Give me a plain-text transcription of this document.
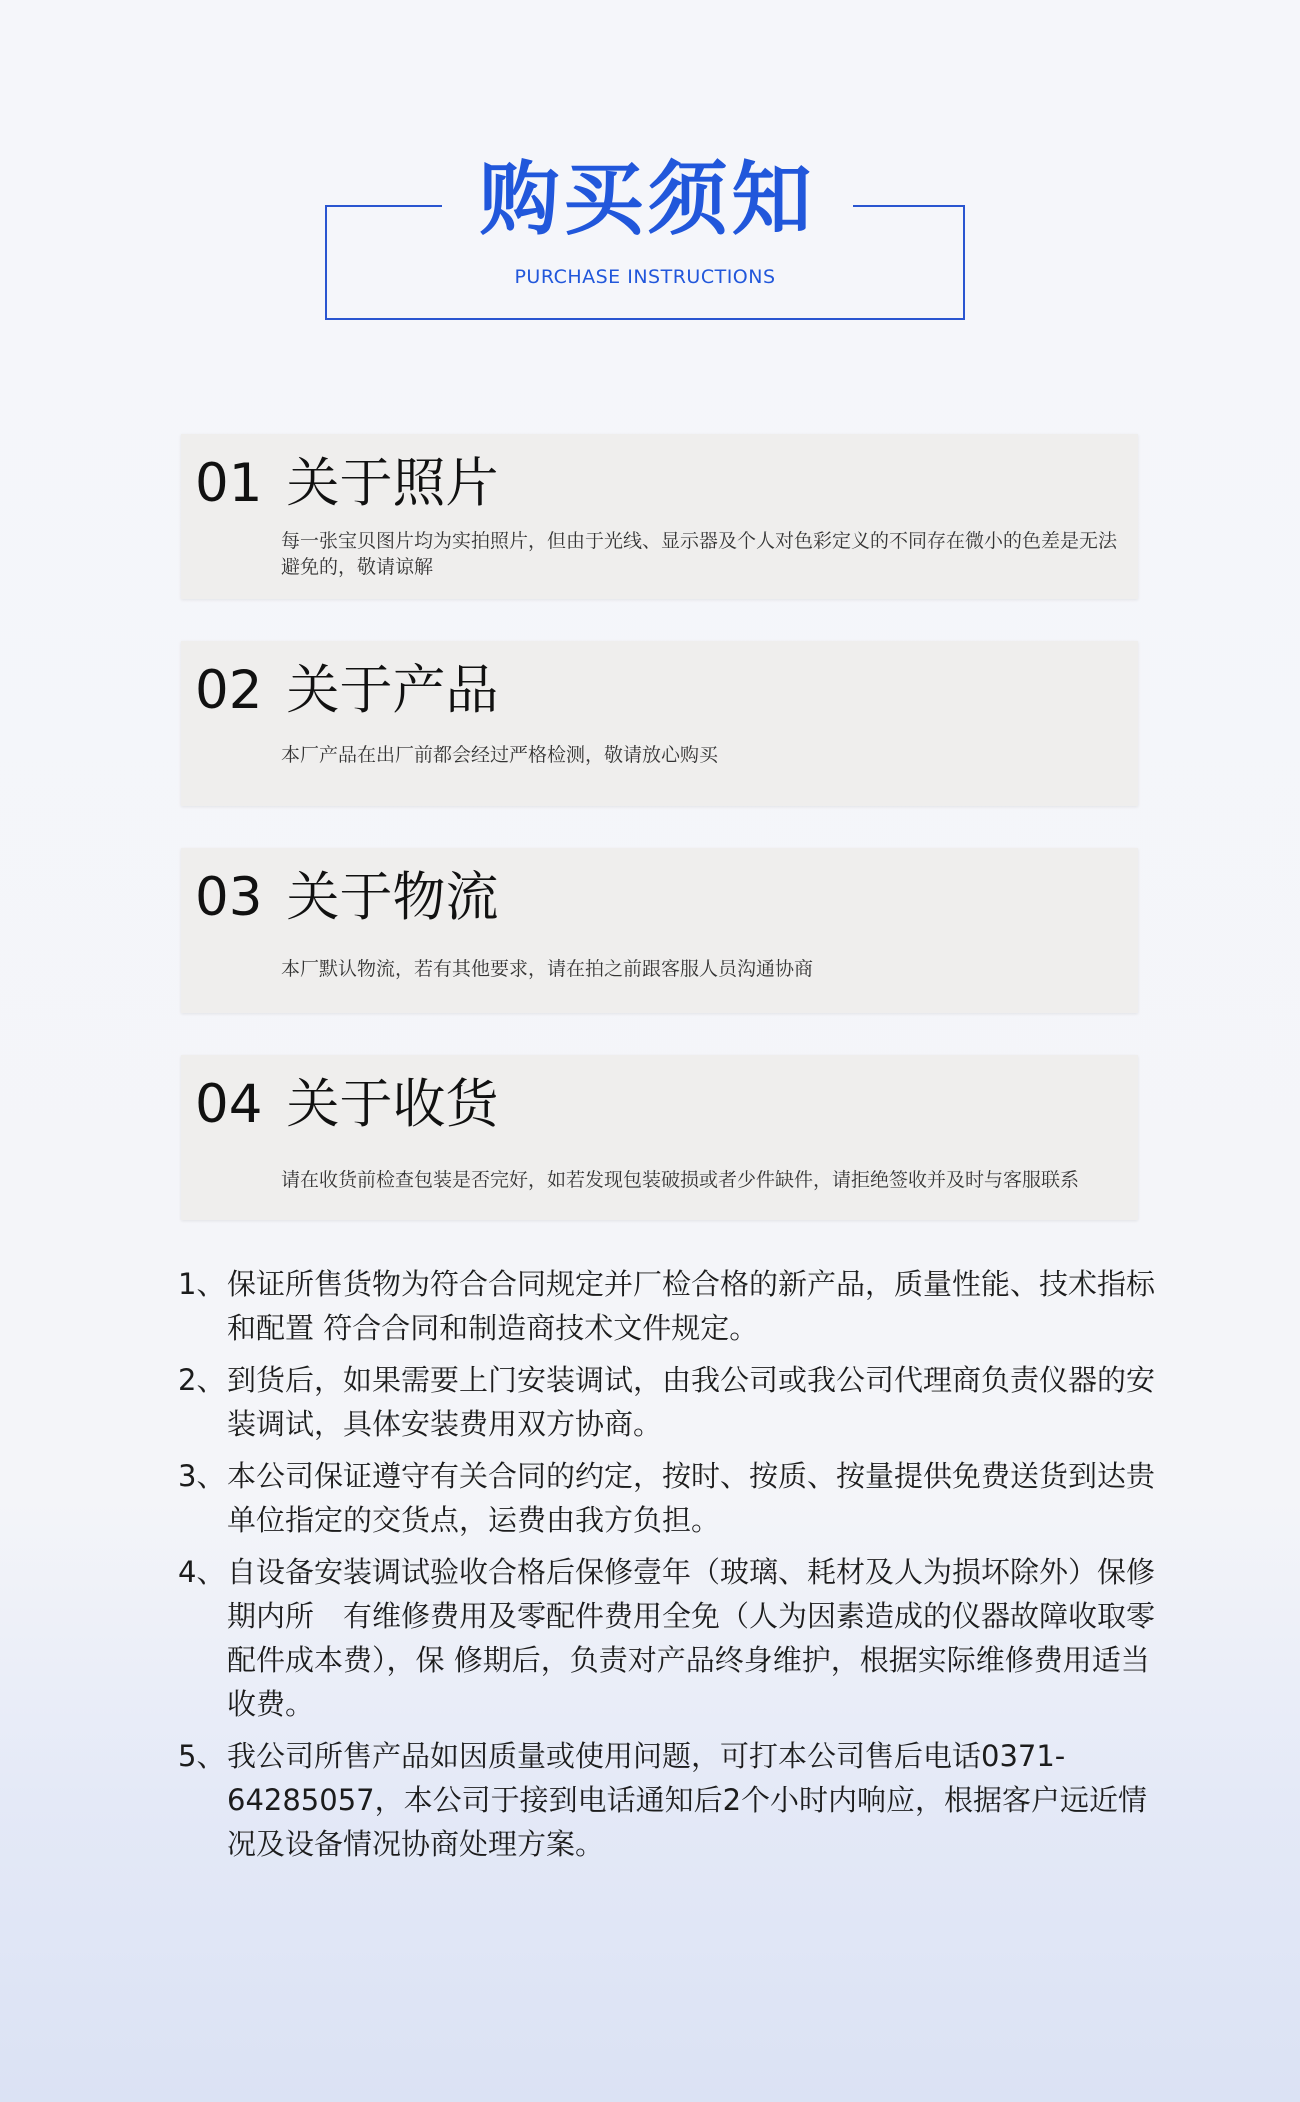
购买须知
PURCHASE INSTRUCTIONS
01 关于照片
每一张宝贝图片均为实拍照片，但由于光线、显示器及个人对色彩定义的不同存在微小的色差是无法避免的，敬请谅解
02 关于产品
本厂产品在出厂前都会经过严格检测，敬请放心购买
03 关于物流
本厂默认物流，若有其他要求，请在拍之前跟客服人员沟通协商
04 关于收货
请在收货前检查包装是否完好，如若发现包装破损或者少件缺件，请拒绝签收并及时与客服联系
1、 保证所售货物为符合合同规定并厂检合格的新产品，质量性能、技术指标和配置 符合合同和制造商技术文件规定。
2、 到货后，如果需要上门安装调试，由我公司或我公司代理商负责仪器的安装调试，具体安装费用双方协商。
3、 本公司保证遵守有关合同的约定，按时、按质、按量提供免费送货到达贵单位指定的交货点，运费由我方负担。
4、 自设备安装调试验收合格后保修壹年（玻璃、耗材及人为损坏除外）保修期内所　有维修费用及零配件费用全免（人为因素造成的仪器故障收取零配件成本费），保 修期后，负责对产品终身维护，根据实际维修费用适当收费。
5、 我公司所售产品如因质量或使用问题，可打本公司售后电话0371-64285057，本公司于接到电话通知后2个小时内响应，根据客户远近情况及设备情况协商处理方案。
